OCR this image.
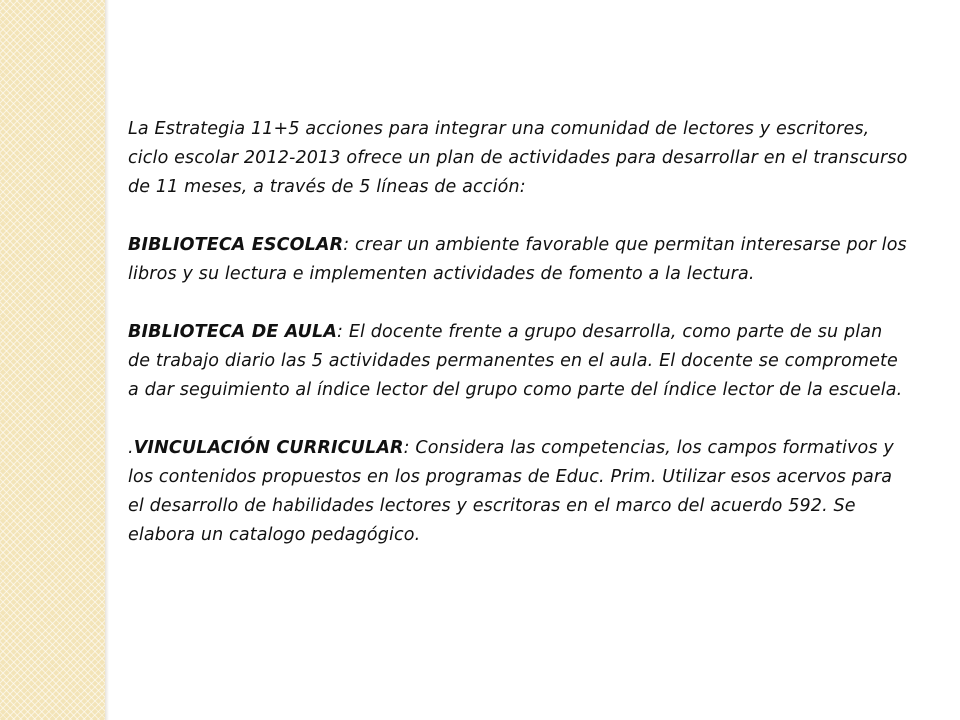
La Estrategia 11+5 acciones para integrar una comunidad de lectores y escritores, ciclo escolar 2012-2013 ofrece un plan de actividades para desarrollar en el transcurso de 11 meses, a través de 5 líneas de acción:

BIBLIOTECA ESCOLAR: crear un ambiente favorable que permitan interesarse por los libros y su lectura e implementen actividades de fomento a la lectura.

BIBLIOTECA DE AULA: El docente frente a grupo desarrolla, como parte de su plan de trabajo diario las 5 actividades permanentes en el aula. El docente se compromete a dar seguimiento al índice lector del grupo como parte del índice lector de la escuela.

.VINCULACIÓN CURRICULAR: Considera las competencias, los campos formativos y los contenidos propuestos en los programas de Educ. Prim. Utilizar esos acervos para el desarrollo de habilidades lectores y escritoras en el marco del acuerdo 592. Se elabora un catalogo pedagógico.
